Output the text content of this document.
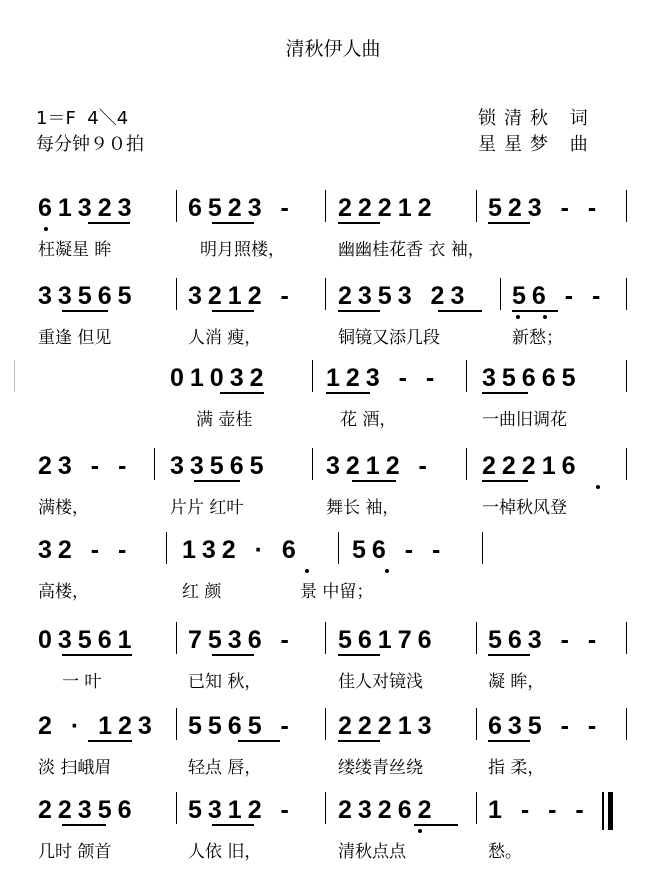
清秋伊人曲
1＝F  4＼4
每分钟９０拍
锁清秋 词
星星梦 曲
61323 6523 - 22212 523 - -
枉凝星 眸	明月照楼，	幽幽桂花香 衣 袖，
33565 3212 - 2353 23 56 - -
重逢 但见	人消 瘦，	铜镜又添几段	新愁；
01032 123 - - 35665
满 壶桂	花 酒，	一曲旧调花
23 - - 33565 3212 - 22216
满楼，	片片 红叶	舞长 袖，	一棹秋风登
32 - - 132 · 6 56 - -
高楼，	红 颜	景 中留；
03561 7536 - 56176 563 - -
一 叶	已知 秋，	佳人对镜浅	凝 眸，
2 · 123 5565 - 22213 635 - -
淡 扫峨眉	轻点 唇，	缕缕青丝绕	指 柔，
22356 5312 - 23262 1 - - -
几时 颌首	人依 旧，	清秋点点	愁。
